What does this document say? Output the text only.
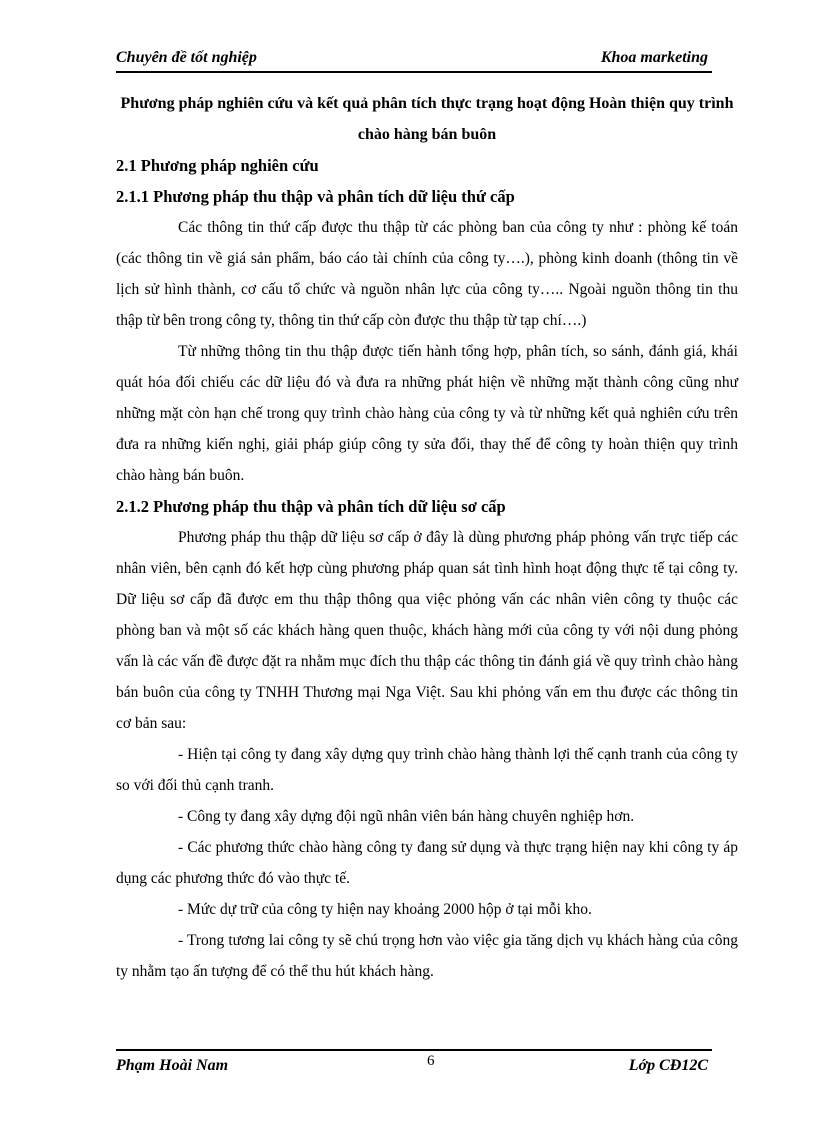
Chuyên đề tốt nghiệp	Khoa marketing

Phương pháp nghiên cứu và kết quả phân tích thực trạng hoạt động Hoàn thiện quy trình chào hàng bán buôn

2.1 Phương pháp nghiên cứu

2.1.1 Phương pháp thu thập và phân tích dữ liệu thứ cấp

Các thông tin thứ cấp được thu thập từ các phòng ban của công ty như : phòng kế toán (các thông tin về giá sản phẩm, báo cáo tài chính của công ty….), phòng kinh doanh (thông tin về lịch sử hình thành, cơ cấu tổ chức và nguồn nhân lực của công ty….. Ngoài nguồn thông tin thu thập từ bên trong công ty, thông tin thứ cấp còn được thu thập từ tạp chí….)

Từ những thông tin thu thập được tiến hành tổng hợp, phân tích, so sánh, đánh giá, khái quát hóa đối chiếu các dữ liệu đó và đưa ra những phát hiện về những mặt thành công cũng như những mặt còn hạn chế trong quy trình chào hàng của công ty và từ những kết quả nghiên cứu trên đưa ra những kiến nghị, giải pháp giúp công ty sửa đổi, thay thế để công ty hoàn thiện quy trình chào hàng bán buôn.

2.1.2 Phương pháp thu thập và phân tích dữ liệu sơ cấp

Phương pháp thu thập dữ liệu sơ cấp ở đây là dùng phương pháp phỏng vấn trực tiếp các nhân viên, bên cạnh đó kết hợp cùng phương pháp quan sát tình hình hoạt động thực tế tại công ty. Dữ liệu sơ cấp đã được em thu thập thông qua việc phỏng vấn các nhân viên công ty thuộc các phòng ban và một số các khách hàng quen thuộc, khách hàng mới của công ty với nội dung phỏng vấn là các vấn đề được đặt ra nhằm mục đích thu thập các thông tin đánh giá về quy trình chào hàng bán buôn của công ty TNHH Thương mại Nga Việt. Sau khi phỏng vấn em thu được các thông tin cơ bản sau:

- Hiện tại công ty đang xây dựng quy trình chào hàng thành lợi thế cạnh tranh của công ty so với đối thủ cạnh tranh.

- Công ty đang xây dựng đội ngũ nhân viên bán hàng chuyên nghiệp hơn.

- Các phương thức chào hàng công ty đang sử dụng và thực trạng hiện nay khi công ty áp dụng các phương thức đó vào thực tế.

- Mức dự trữ của công ty hiện nay khoảng 2000 hộp ở tại mỗi kho.

- Trong tương lai công ty sẽ chú trọng hơn vào việc gia tăng dịch vụ khách hàng của công ty nhằm tạo ấn tượng để có thể thu hút khách hàng.

Phạm Hoài Nam	6	Lớp CĐ12C
